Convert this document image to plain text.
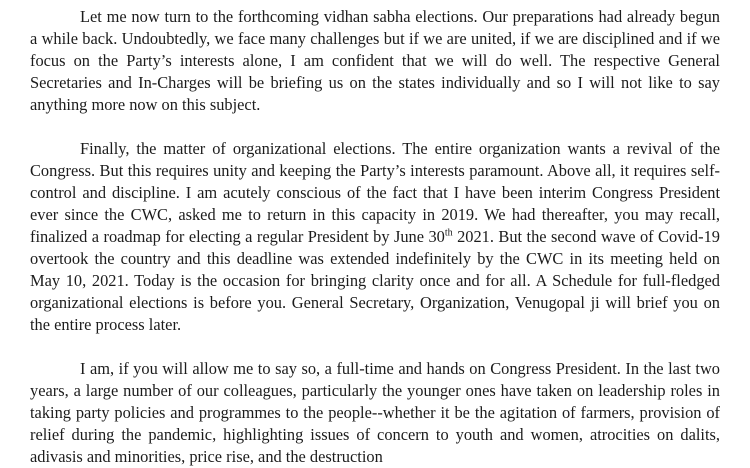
Let me now turn to the forthcoming vidhan sabha elections. Our preparations had already begun a while back. Undoubtedly, we face many challenges but if we are united, if we are disciplined and if we focus on the Party’s interests alone, I am confident that we will do well. The respective General Secretaries and In-Charges will be briefing us on the states individually and so I will not like to say anything more now on this subject.

Finally, the matter of organizational elections. The entire organization wants a revival of the Congress. But this requires unity and keeping the Party’s interests paramount. Above all, it requires self-control and discipline. I am acutely conscious of the fact that I have been interim Congress President ever since the CWC, asked me to return in this capacity in 2019. We had thereafter, you may recall, finalized a roadmap for electing a regular President by June 30th 2021. But the second wave of Covid-19 overtook the country and this deadline was extended indefinitely by the CWC in its meeting held on May 10, 2021. Today is the occasion for bringing clarity once and for all. A Schedule for full-fledged organizational elections is before you. General Secretary, Organization, Venugopal ji will brief you on the entire process later.

I am, if you will allow me to say so, a full-time and hands on Congress President. In the last two years, a large number of our colleagues, particularly the younger ones have taken on leadership roles in taking party policies and programmes to the people--whether it be the agitation of farmers, provision of relief during the pandemic, highlighting issues of concern to youth and women, atrocities on dalits, adivasis and minorities, price rise, and the destruction
